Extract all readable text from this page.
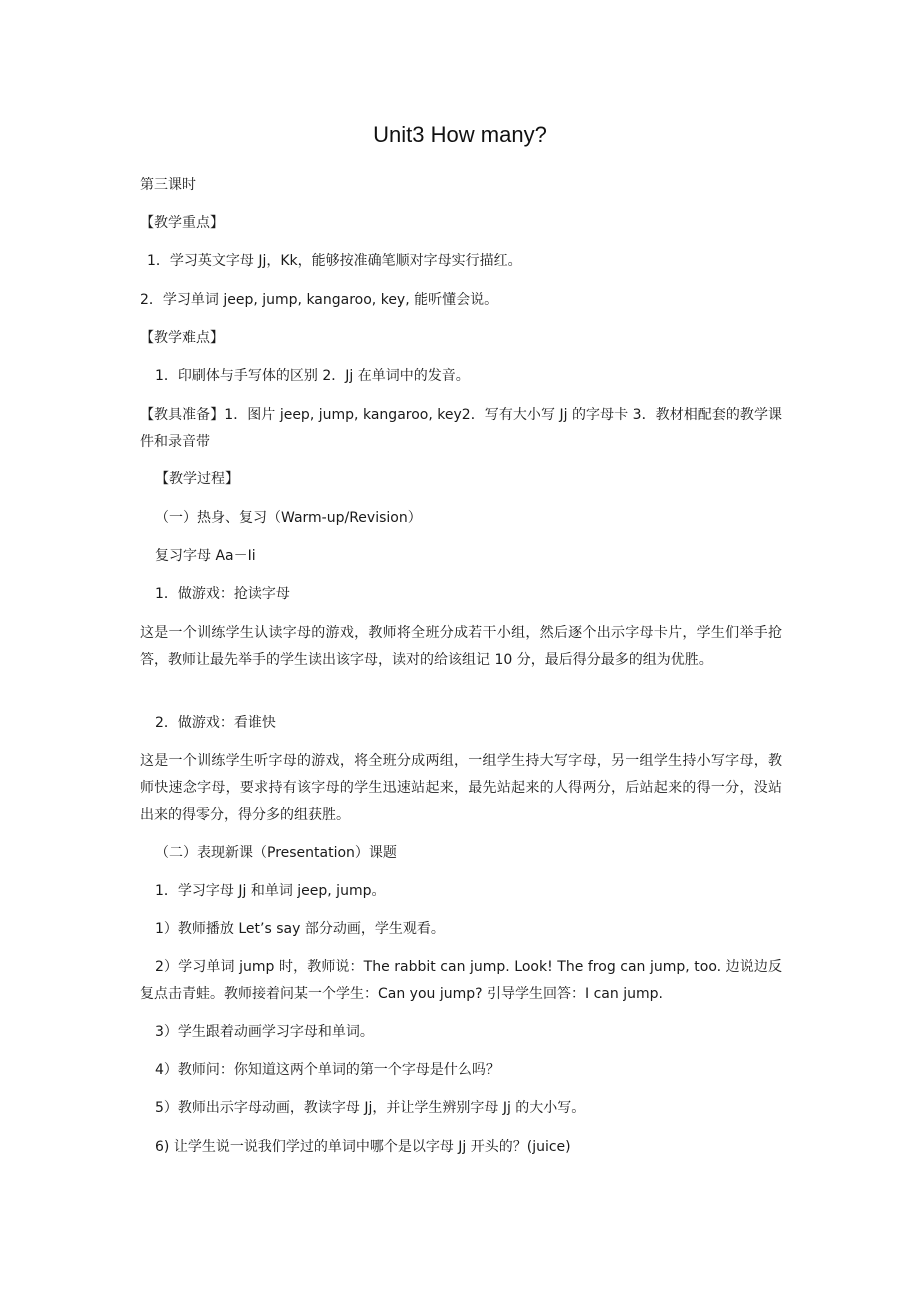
Unit3 How many?
第三课时
【教学重点】
1．学习英文字母 Jj，Kk，能够按准确笔顺对字母实行描红。
2．学习单词 jeep, jump, kangaroo, key, 能听懂会说。
【教学难点】
1．印刷体与手写体的区别 2．Jj 在单词中的发音。
【教具准备】1．图片 jeep, jump, kangaroo, key2．写有大小写 Jj 的字母卡 3．教材相配套的教学课件和录音带
【教学过程】
（一）热身、复习（Warm-up/Revision）
复习字母 Aa－Ii
1．做游戏：抢读字母
这是一个训练学生认读字母的游戏，教师将全班分成若干小组，然后逐个出示字母卡片，学生们举手抢答，教师让最先举手的学生读出该字母，读对的给该组记 10 分，最后得分最多的组为优胜。
2．做游戏：看谁快
这是一个训练学生听字母的游戏，将全班分成两组，一组学生持大写字母，另一组学生持小写字母，教师快速念字母，要求持有该字母的学生迅速站起来，最先站起来的人得两分，后站起来的得一分，没站出来的得零分，得分多的组获胜。
（二）表现新课（Presentation）课题
1．学习字母 Jj 和单词 jeep, jump。
1）教师播放 Let’s say 部分动画，学生观看。
2）学习单词 jump 时，教师说：The rabbit can jump. Look! The frog can jump, too. 边说边反复点击青蛙。教师接着问某一个学生：Can you jump? 引导学生回答：I can jump.
3）学生跟着动画学习字母和单词。
4）教师问：你知道这两个单词的第一个字母是什么吗？
5）教师出示字母动画，教读字母 Jj，并让学生辨别字母 Jj 的大小写。
6) 让学生说一说我们学过的单词中哪个是以字母 Jj 开头的？(juice)
